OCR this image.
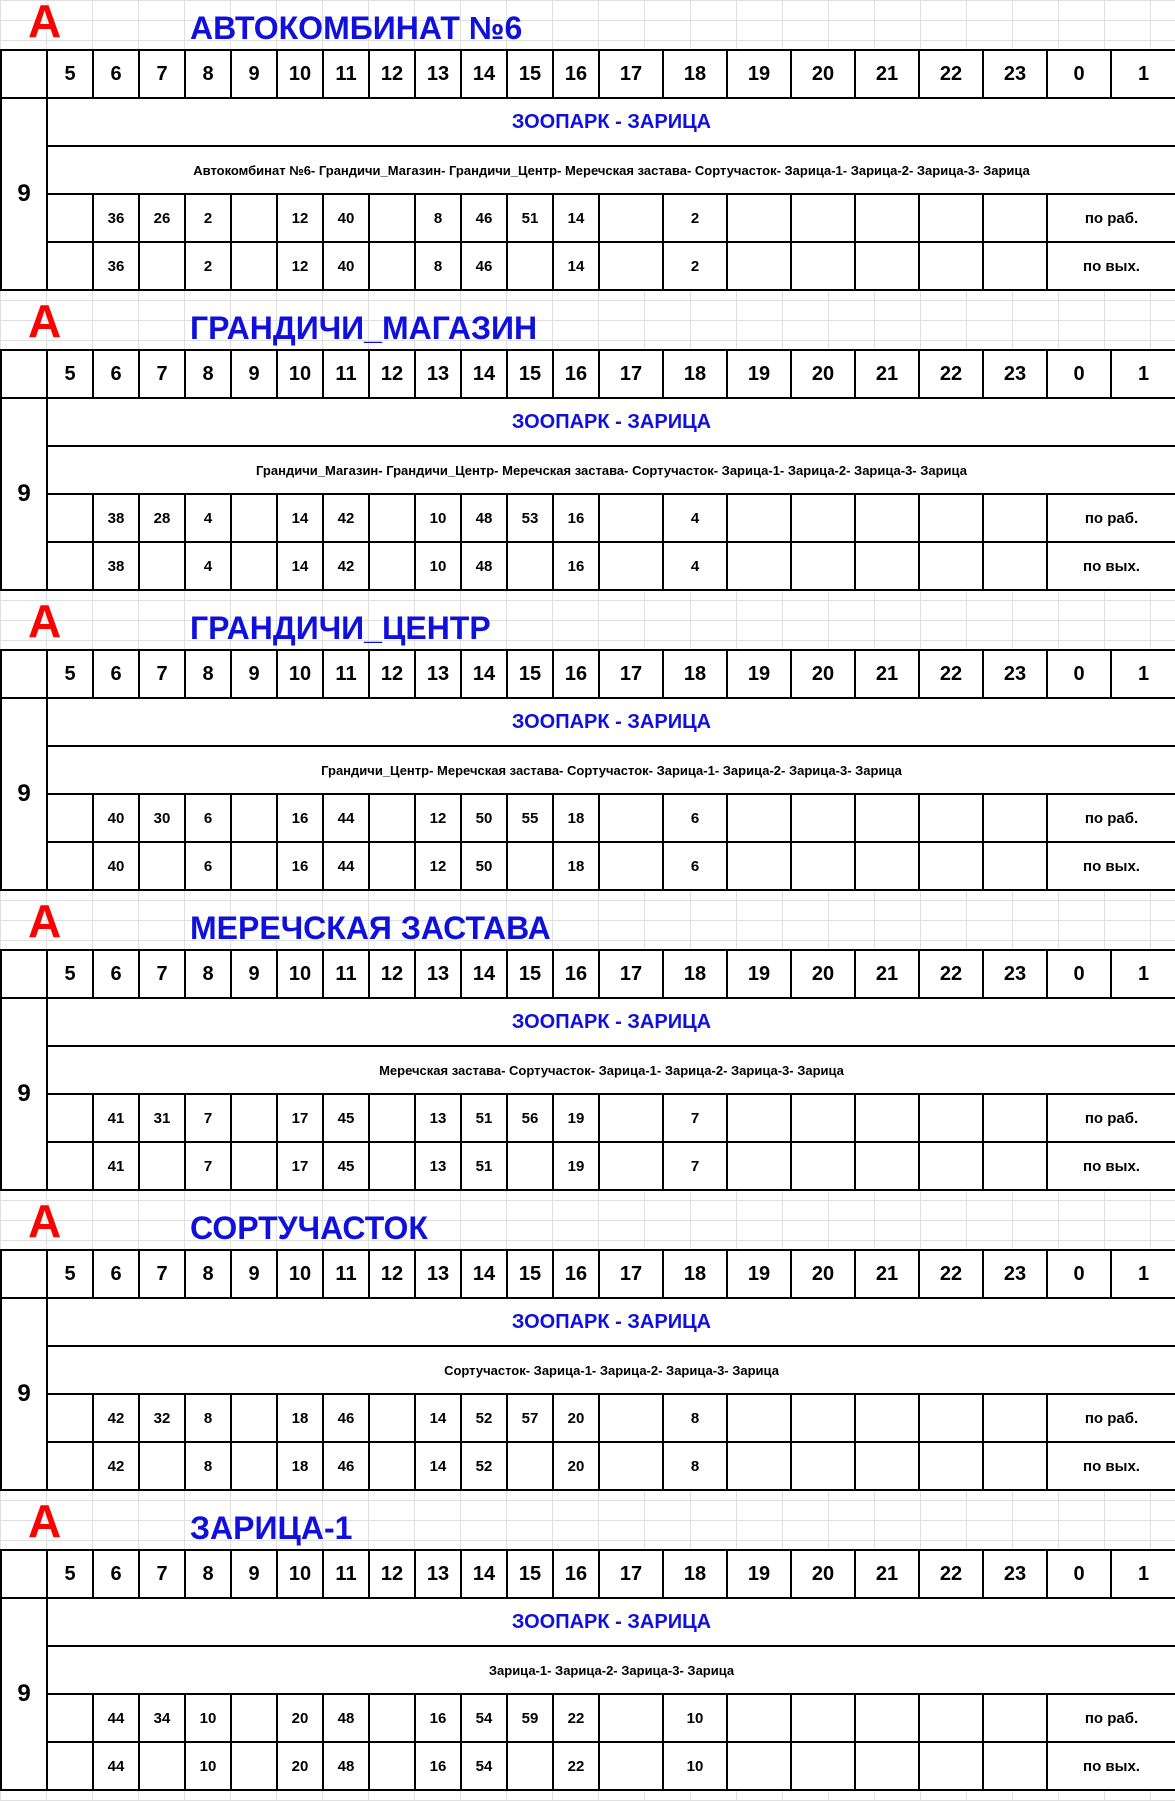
А	АВТОКОМБИНАТ №6
	5	6	7	8	9	10	11	12	13	14	15	16	17	18	19	20	21	22	23	0	1
9	ЗООПАРК - ЗАРИЦА																				
	Автокомбинат №6- Грандичи_Магазин- Грандичи_Центр- Меречская застава- Сортучасток- Зарица-1- Зарица-2- Зарица-3- Зарица																				
		36	26	2		12	40		8	46	51	14		2						по раб.	
		36		2		12	40		8	46		14		2						по вых.	
А	ГРАНДИЧИ_МАГАЗИН
	5	6	7	8	9	10	11	12	13	14	15	16	17	18	19	20	21	22	23	0	1
9	ЗООПАРК - ЗАРИЦА																				
	Грандичи_Магазин- Грандичи_Центр- Меречская застава- Сортучасток- Зарица-1- Зарица-2- Зарица-3- Зарица																				
		38	28	4		14	42		10	48	53	16		4						по раб.	
		38		4		14	42		10	48		16		4						по вых.	
А	ГРАНДИЧИ_ЦЕНТР
	5	6	7	8	9	10	11	12	13	14	15	16	17	18	19	20	21	22	23	0	1
9	ЗООПАРК - ЗАРИЦА																				
	Грандичи_Центр- Меречская застава- Сортучасток- Зарица-1- Зарица-2- Зарица-3- Зарица																				
		40	30	6		16	44		12	50	55	18		6						по раб.	
		40		6		16	44		12	50		18		6						по вых.	
А	МЕРЕЧСКАЯ ЗАСТАВА
	5	6	7	8	9	10	11	12	13	14	15	16	17	18	19	20	21	22	23	0	1
9	ЗООПАРК - ЗАРИЦА																				
	Меречская застава- Сортучасток- Зарица-1- Зарица-2- Зарица-3- Зарица																				
		41	31	7		17	45		13	51	56	19		7						по раб.	
		41		7		17	45		13	51		19		7						по вых.	
А	СОРТУЧАСТОК
	5	6	7	8	9	10	11	12	13	14	15	16	17	18	19	20	21	22	23	0	1
9	ЗООПАРК - ЗАРИЦА																				
	Сортучасток- Зарица-1- Зарица-2- Зарица-3- Зарица																				
		42	32	8		18	46		14	52	57	20		8						по раб.	
		42		8		18	46		14	52		20		8						по вых.	
А	ЗАРИЦА-1
	5	6	7	8	9	10	11	12	13	14	15	16	17	18	19	20	21	22	23	0	1
9	ЗООПАРК - ЗАРИЦА																				
	Зарица-1- Зарица-2- Зарица-3- Зарица																				
		44	34	10		20	48		16	54	59	22		10						по раб.	
		44		10		20	48		16	54		22		10						по вых.	
